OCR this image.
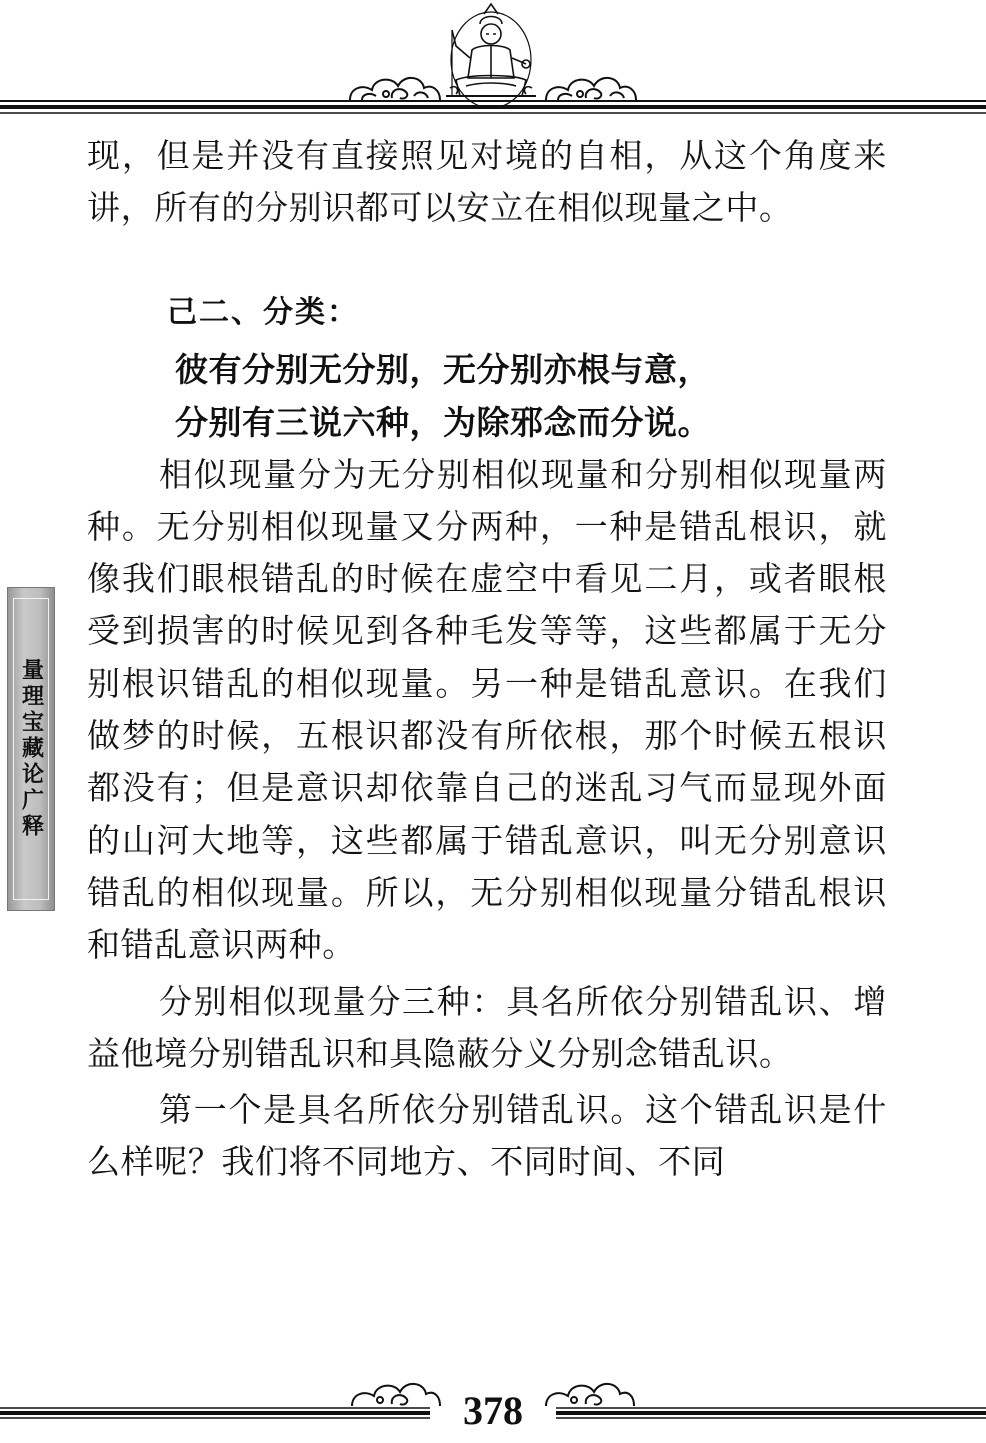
量理宝藏论广释

现，但是并没有直接照见对境的自相，从这个角度来讲，所有的分别识都可以安立在相似现量之中。

己二、分类：

彼有分别无分别，无分别亦根与意，

分别有三说六种，为除邪念而分说。

相似现量分为无分别相似现量和分别相似现量两种。无分别相似现量又分两种，一种是错乱根识，就像我们眼根错乱的时候在虚空中看见二月，或者眼根受到损害的时候见到各种毛发等等，这些都属于无分别根识错乱的相似现量。另一种是错乱意识。在我们做梦的时候，五根识都没有所依根，那个时候五根识都没有；但是意识却依靠自己的迷乱习气而显现外面的山河大地等，这些都属于错乱意识，叫无分别意识错乱的相似现量。所以，无分别相似现量分错乱根识和错乱意识两种。

分别相似现量分三种：具名所依分别错乱识、增益他境分别错乱识和具隐蔽分义分别念错乱识。

第一个是具名所依分别错乱识。这个错乱识是什么样呢？我们将不同地方、不同时间、不同

378
